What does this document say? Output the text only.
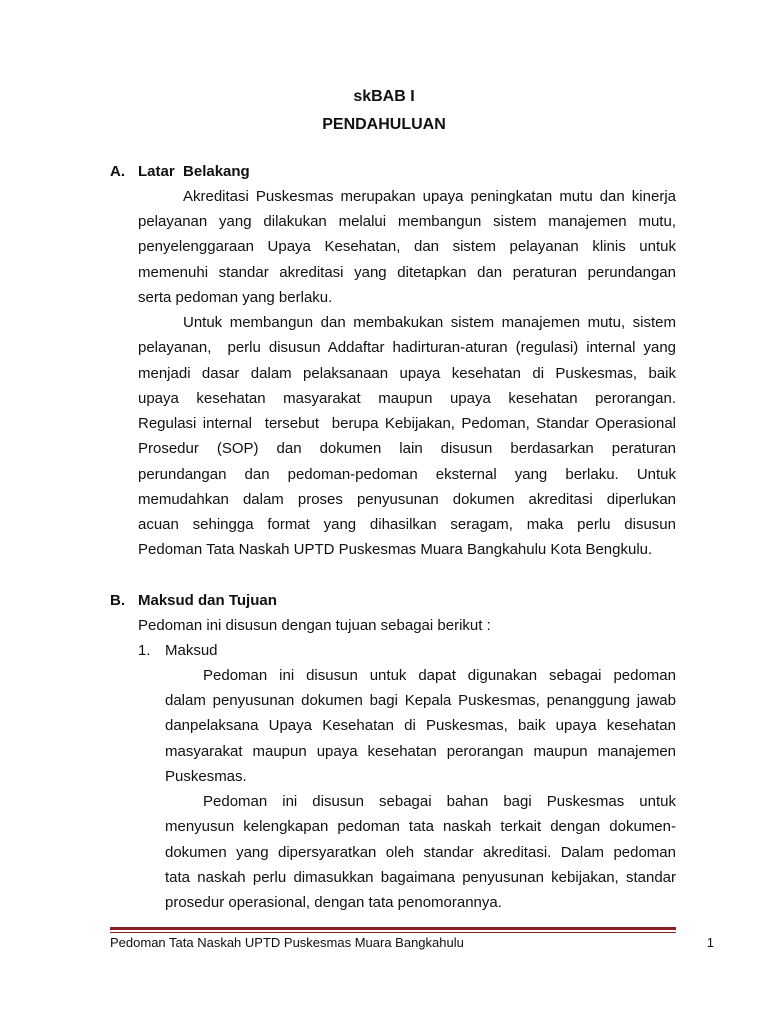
skBAB I
PENDAHULUAN
A. Latar  Belakang
Akreditasi Puskesmas merupakan upaya peningkatan mutu dan kinerja
pelayanan yang dilakukan melalui membangun sistem manajemen mutu,
penyelenggaraan Upaya Kesehatan, dan sistem pelayanan klinis untuk
memenuhi standar akreditasi yang ditetapkan dan peraturan perundangan
serta pedoman yang berlaku.
Untuk membangun dan membakukan sistem manajemen mutu, sistem
pelayanan,  perlu disusun Addaftar hadirturan-aturan (regulasi) internal yang
menjadi dasar dalam pelaksanaan upaya kesehatan di Puskesmas, baik
upaya kesehatan masyarakat maupun upaya kesehatan perorangan.
Regulasi internal  tersebut  berupa Kebijakan, Pedoman, Standar Operasional
Prosedur (SOP) dan dokumen lain disusun berdasarkan peraturan
perundangan dan pedoman-pedoman eksternal yang berlaku. Untuk
memudahkan dalam proses penyusunan dokumen akreditasi diperlukan
acuan sehingga format yang dihasilkan seragam, maka perlu disusun
Pedoman Tata Naskah UPTD Puskesmas Muara Bangkahulu Kota Bengkulu.
B. Maksud dan Tujuan
Pedoman ini disusun dengan tujuan sebagai berikut :
1. Maksud
Pedoman ini disusun untuk dapat digunakan sebagai pedoman
dalam penyusunan dokumen bagi Kepala Puskesmas, penanggung jawab
danpelaksana Upaya Kesehatan di Puskesmas, baik upaya kesehatan
masyarakat maupun upaya kesehatan perorangan maupun manajemen
Puskesmas.
Pedoman ini disusun sebagai bahan bagi Puskesmas untuk
menyusun kelengkapan pedoman tata naskah terkait dengan dokumen-
dokumen yang dipersyaratkan oleh standar akreditasi. Dalam pedoman
tata naskah perlu dimasukkan bagaimana penyusunan kebijakan, standar
prosedur operasional, dengan tata penomorannya.
Pedoman Tata Naskah UPTD Puskesmas Muara Bangkahulu	1
